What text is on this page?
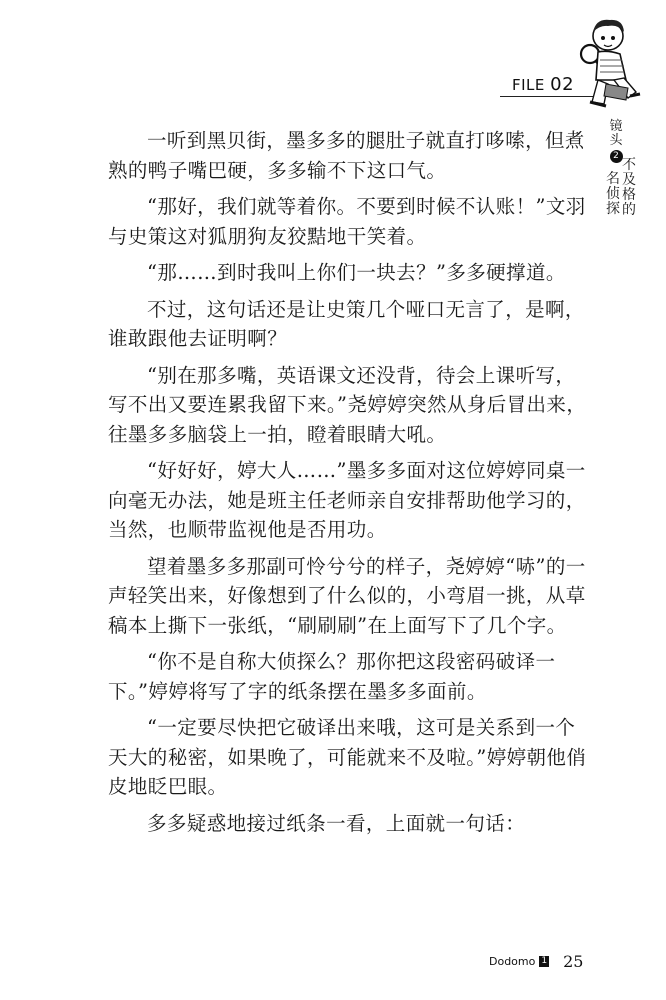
FILE 02
镜头
2
名侦探
不及格的

一听到黑贝街，墨多多的腿肚子就直打哆嗦，但煮熟的鸭子嘴巴硬，多多输不下这口气。

“那好，我们就等着你。不要到时候不认账！”文羽与史策这对狐朋狗友狡黠地干笑着。

“那……到时我叫上你们一块去？”多多硬撑道。

不过，这句话还是让史策几个哑口无言了，是啊，谁敢跟他去证明啊？

“别在那多嘴，英语课文还没背，待会上课听写，写不出又要连累我留下来。”尧婷婷突然从身后冒出来，往墨多多脑袋上一拍，瞪着眼睛大吼。

“好好好，婷大人……”墨多多面对这位婷婷同桌一向毫无办法，她是班主任老师亲自安排帮助他学习的，当然，也顺带监视他是否用功。

望着墨多多那副可怜兮兮的样子，尧婷婷“哧”的一声轻笑出来，好像想到了什么似的，小弯眉一挑，从草稿本上撕下一张纸，“刷刷刷”在上面写下了几个字。

“你不是自称大侦探么？那你把这段密码破译一下。”婷婷将写了字的纸条摆在墨多多面前。

“一定要尽快把它破译出来哦，这可是关系到一个天大的秘密，如果晚了，可能就来不及啦。”婷婷朝他俏皮地眨巴眼。

多多疑惑地接过纸条一看，上面就一句话：

Dodomo 1 25
